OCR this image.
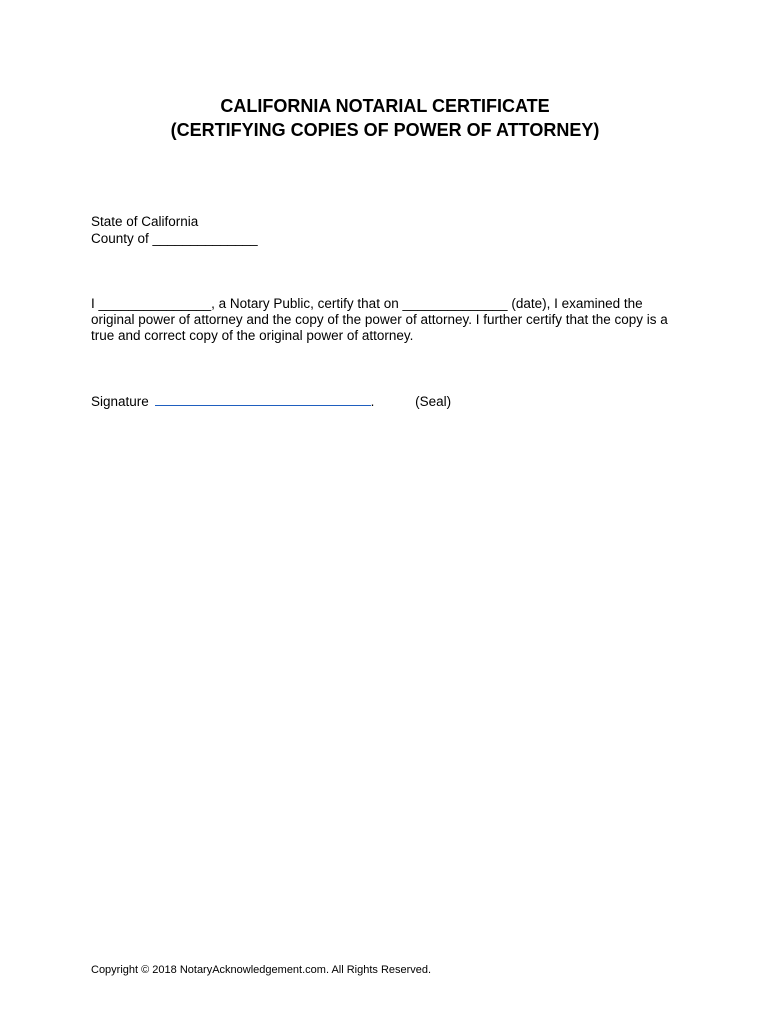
CALIFORNIA NOTARIAL CERTIFICATE
(CERTIFYING COPIES OF POWER OF ATTORNEY)
State of California
County of ______________
I _______________, a Notary Public, certify that on ______________ (date), I examined the original power of attorney and the copy of the power of attorney. I further certify that the copy is a true and correct copy of the original power of attorney.
Signature	.	(Seal)
Copyright © 2018 NotaryAcknowledgement.com. All Rights Reserved.
